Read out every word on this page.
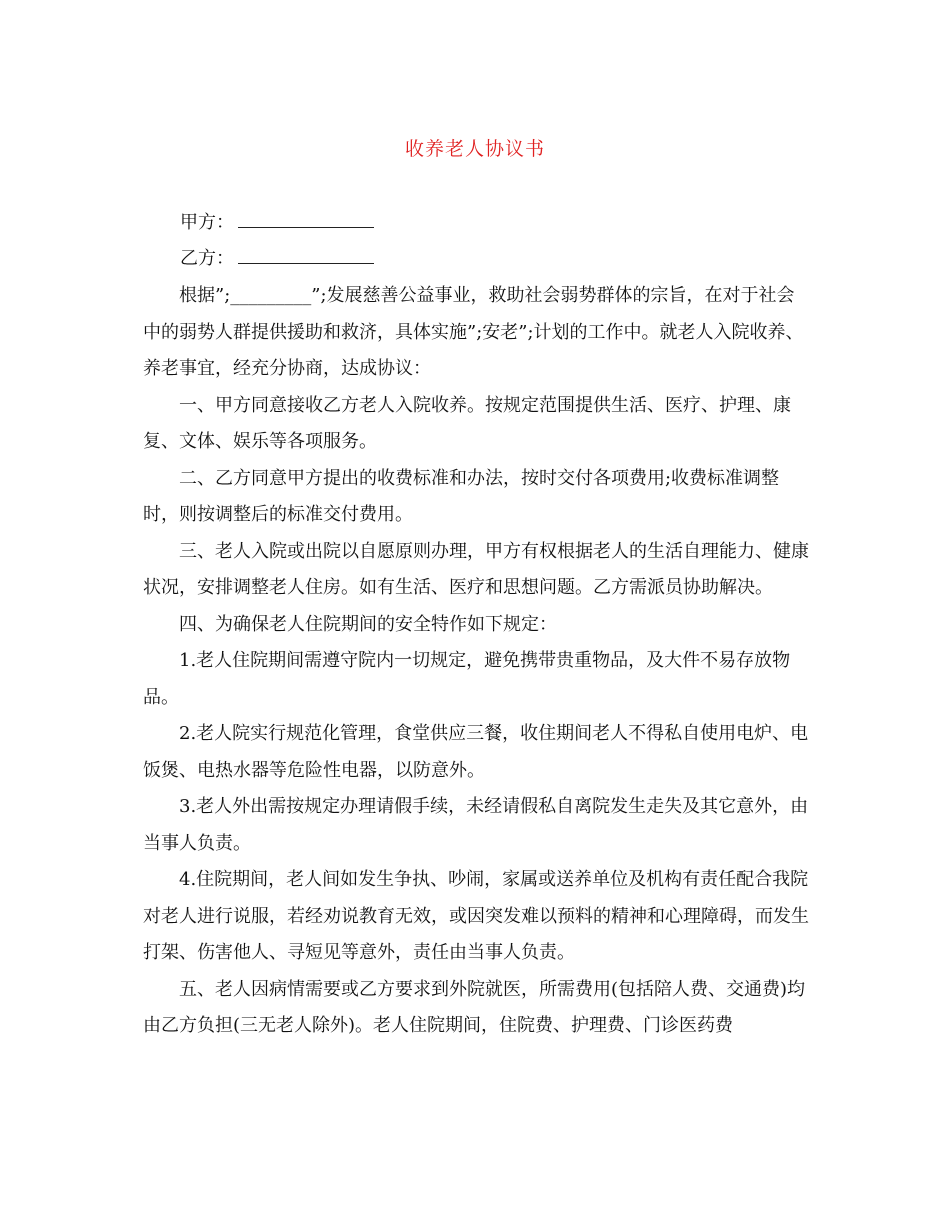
收养老人协议书
甲方：
乙方：

根据”;_________”;发展慈善公益事业，救助社会弱势群体的宗旨，在对于社会中的弱势人群提供援助和救济，具体实施”;安老”;计划的工作中。就老人入院收养、养老事宜，经充分协商，达成协议：

一、甲方同意接收乙方老人入院收养。按规定范围提供生活、医疗、护理、康复、文体、娱乐等各项服务。

二、乙方同意甲方提出的收费标准和办法，按时交付各项费用;收费标准调整时，则按调整后的标准交付费用。

三、老人入院或出院以自愿原则办理，甲方有权根据老人的生活自理能力、健康状况，安排调整老人住房。如有生活、医疗和思想问题。乙方需派员协助解决。

四、为确保老人住院期间的安全特作如下规定：

1.老人住院期间需遵守院内一切规定，避免携带贵重物品，及大件不易存放物品。

2.老人院实行规范化管理，食堂供应三餐，收住期间老人不得私自使用电炉、电饭煲、电热水器等危险性电器，以防意外。

3.老人外出需按规定办理请假手续，未经请假私自离院发生走失及其它意外，由当事人负责。

4.住院期间，老人间如发生争执、吵闹，家属或送养单位及机构有责任配合我院对老人进行说服，若经劝说教育无效，或因突发难以预料的精神和心理障碍，而发生打架、伤害他人、寻短见等意外，责任由当事人负责。

五、老人因病情需要或乙方要求到外院就医，所需费用(包括陪人费、交通费)均由乙方负担(三无老人除外)。老人住院期间，住院费、护理费、门诊医药费
